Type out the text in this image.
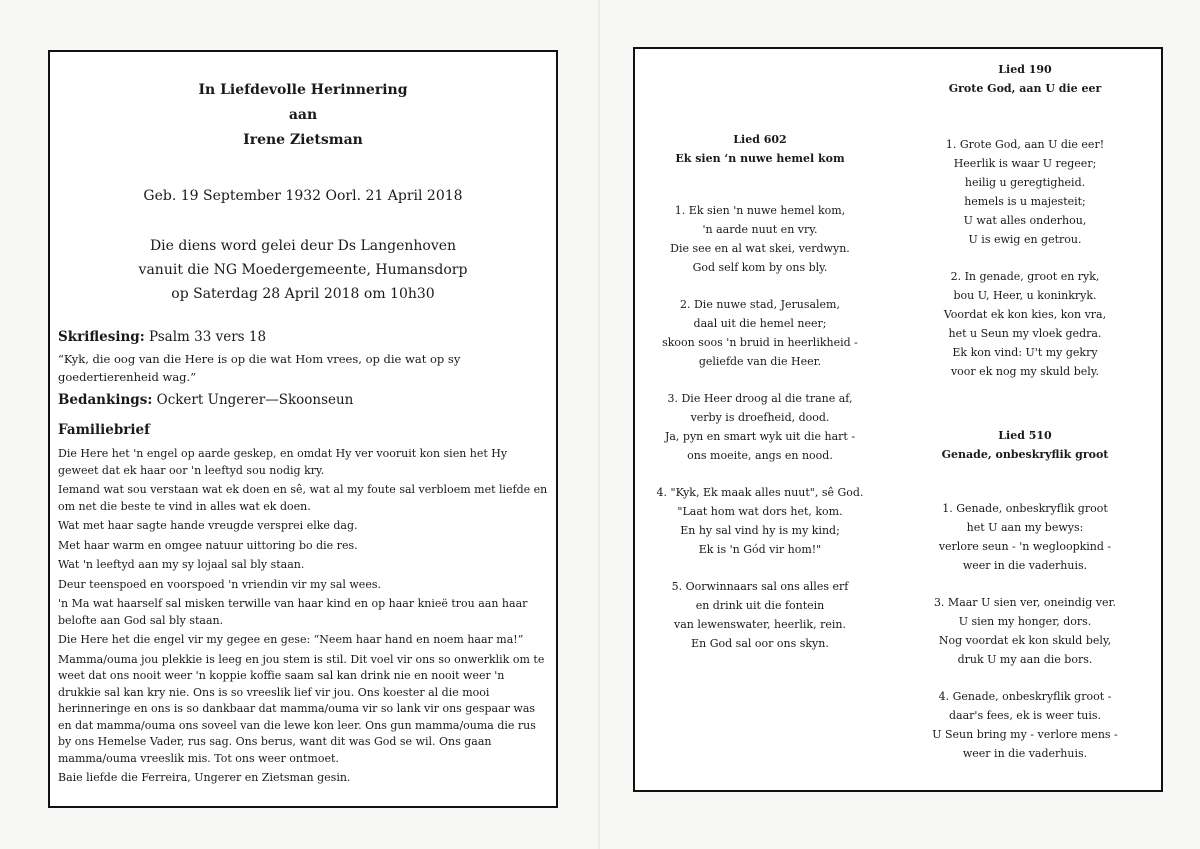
In Liefdevolle Herinnering
aan
Irene Zietsman
Geb. 19 September 1932 Oorl. 21 April 2018
Die diens word gelei deur Ds Langenhoven
vanuit die NG Moedergemeente, Humansdorp
op Saterdag 28 April 2018 om 10h30
Skriflesing: Psalm 33 vers 18
“Kyk, die oog van die Here is op die wat Hom vrees, op die wat op sy goedertierenheid wag.”
Bedankings: Ockert Ungerer—Skoonseun
Familiebrief

Die Here het 'n engel op aarde geskep, en omdat Hy ver vooruit kon sien het Hy geweet dat ek haar oor 'n leeftyd sou nodig kry.

Iemand wat sou verstaan wat ek doen en sê, wat al my foute sal verbloem met liefde en om net die beste te vind in alles wat ek doen.

Wat met haar sagte hande vreugde versprei elke dag.

Met haar warm en omgee natuur uittoring bo die res.

Wat 'n leeftyd aan my sy lojaal sal bly staan.

Deur teenspoed en voorspoed 'n vriendin vir my sal wees.

'n Ma wat haarself sal misken terwille van haar kind en op haar knieë trou aan haar belofte aan God sal bly staan.

Die Here het die engel vir my gegee en gese: “Neem haar hand en noem haar ma!”

Mamma/ouma jou plekkie is leeg en jou stem is stil. Dit voel vir ons so onwerklik om te weet dat ons nooit weer 'n koppie koffie saam sal kan drink nie en nooit weer 'n drukkie sal kan kry nie. Ons is so vreeslik lief vir jou. Ons koester al die mooi herinneringe en ons is so dankbaar dat mamma/ouma vir so lank vir ons gespaar was en dat mamma/ouma ons soveel van die lewe kon leer. Ons gun mamma/ouma die rus by ons Hemelse Vader, rus sag. Ons berus, want dit was God se wil. Ons gaan mamma/ouma vreeslik mis. Tot ons weer ontmoet.

Baie liefde die Ferreira, Ungerer en Zietsman gesin.

Lied 602
Ek sien ‘n nuwe hemel kom
1. Ek sien 'n nuwe hemel kom,
'n aarde nuut en vry.
Die see en al wat skei, verdwyn.
God self kom by ons bly.
2. Die nuwe stad, Jerusalem,
daal uit die hemel neer;
skoon soos 'n bruid in heerlikheid -
geliefde van die Heer.
3. Die Heer droog al die trane af,
verby is droefheid, dood.
Ja, pyn en smart wyk uit die hart -
ons moeite, angs en nood.
4. "Kyk, Ek maak alles nuut", sê God.
"Laat hom wat dors het, kom.
En hy sal vind hy is my kind;
Ek is 'n Gód vir hom!"
5. Oorwinnaars sal ons alles erf
en drink uit die fontein
van lewenswater, heerlik, rein.
En God sal oor ons skyn.
Lied 190
Grote God, aan U die eer
1. Grote God, aan U die eer!
Heerlik is waar U regeer;
heilig u geregtigheid.
hemels is u majesteit;
U wat alles onderhou,
U is ewig en getrou.
2. In genade, groot en ryk,
bou U, Heer, u koninkryk.
Voordat ek kon kies, kon vra,
het u Seun my vloek gedra.
Ek kon vind: U't my gekry
voor ek nog my skuld bely.
Lied 510
Genade, onbeskryflik groot
1. Genade, onbeskryflik groot
het U aan my bewys:
verlore seun - 'n wegloopkind -
weer in die vaderhuis.
3. Maar U sien ver, oneindig ver.
U sien my honger, dors.
Nog voordat ek kon skuld bely,
druk U my aan die bors.
4. Genade, onbeskryflik groot -
daar's fees, ek is weer tuis.
U Seun bring my - verlore mens -
weer in die vaderhuis.
